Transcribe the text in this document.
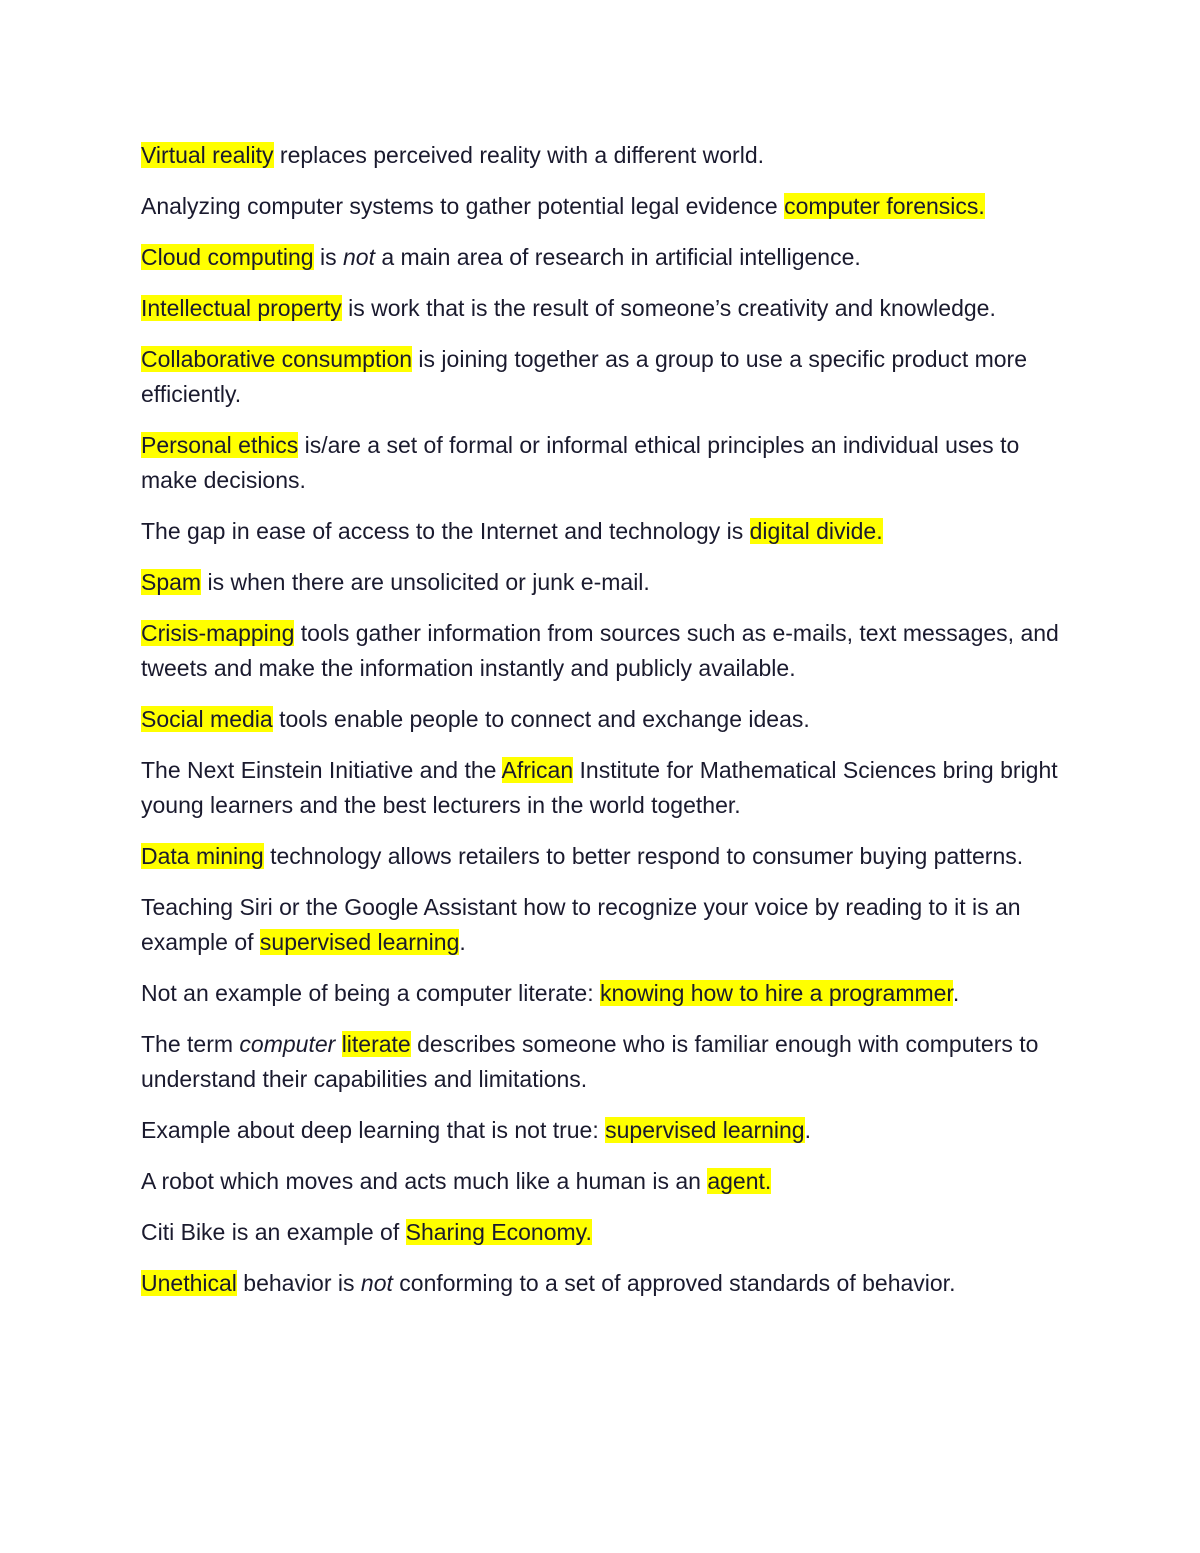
Virtual reality replaces perceived reality with a different world.

Analyzing computer systems to gather potential legal evidence computer forensics.

Cloud computing is not a main area of research in artificial intelligence.

Intellectual property is work that is the result of someone’s creativity and knowledge.

Collaborative consumption is joining together as a group to use a specific product more efficiently.

Personal ethics is/are a set of formal or informal ethical principles an individual uses to make decisions.

The gap in ease of access to the Internet and technology is digital divide.

Spam is when there are unsolicited or junk e-mail.

Crisis-mapping tools gather information from sources such as e-mails, text messages, and tweets and make the information instantly and publicly available.

Social media tools enable people to connect and exchange ideas.

The Next Einstein Initiative and the African Institute for Mathematical Sciences bring bright young learners and the best lecturers in the world together.

Data mining technology allows retailers to better respond to consumer buying patterns.

Teaching Siri or the Google Assistant how to recognize your voice by reading to it is an example of supervised learning.

Not an example of being a computer literate: knowing how to hire a programmer.

The term computer literate describes someone who is familiar enough with computers to understand their capabilities and limitations.

Example about deep learning that is not true: supervised learning.

A robot which moves and acts much like a human is an agent.

Citi Bike is an example of Sharing Economy.

Unethical behavior is not conforming to a set of approved standards of behavior.
